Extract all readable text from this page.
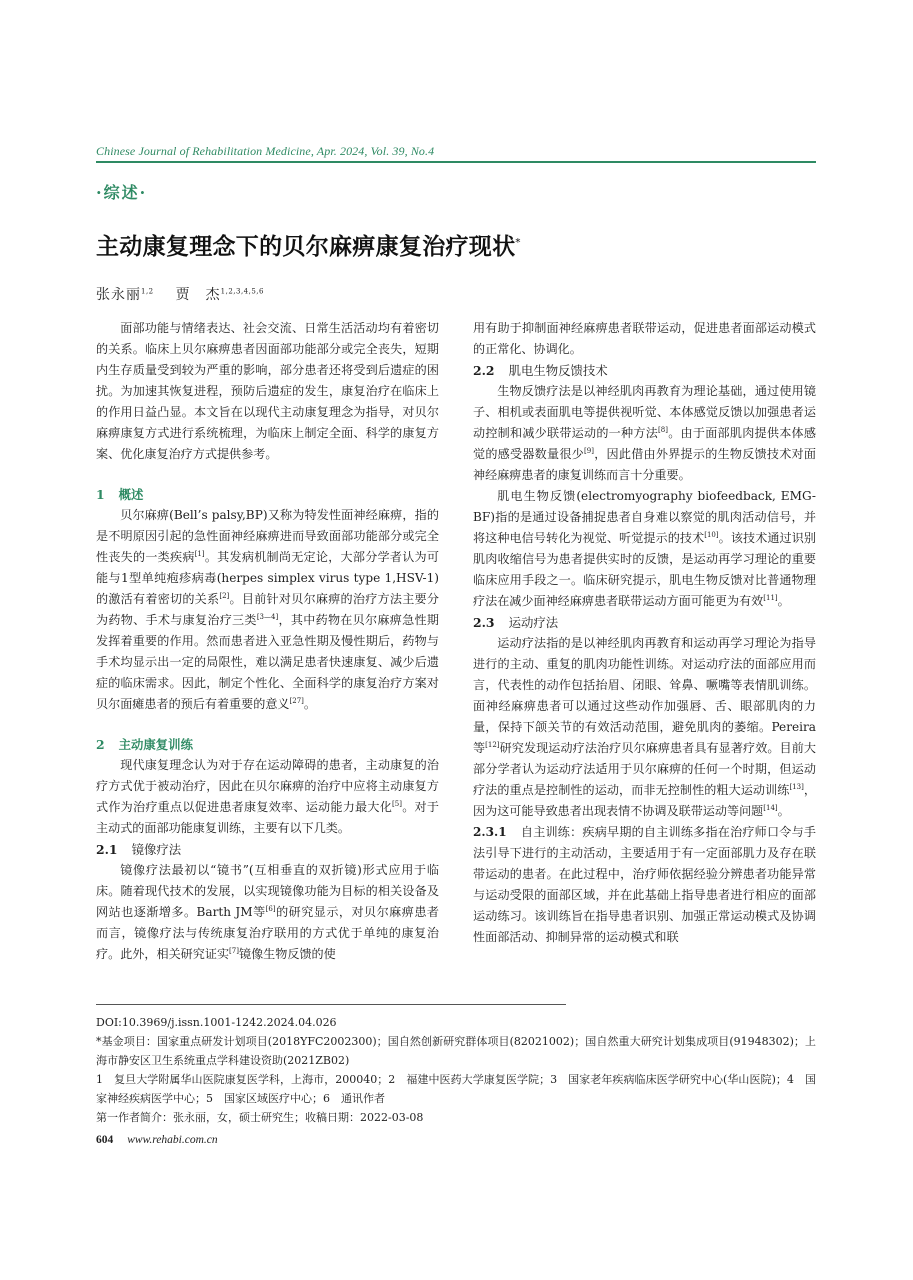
Chinese Journal of Rehabilitation Medicine, Apr. 2024, Vol. 39, No.4
·综述·
主动康复理念下的贝尔麻痹康复治疗现状*
张永丽$^{1,2}$ 贾　杰$^{1,2,3,4,5,6}$

面部功能与情绪表达、社会交流、日常生活活动均有着密切的关系。临床上贝尔麻痹患者因面部功能部分或完全丧失，短期内生存质量受到较为严重的影响，部分患者还将受到后遗症的困扰。为加速其恢复进程，预防后遗症的发生，康复治疗在临床上的作用日益凸显。本文旨在以现代主动康复理念为指导，对贝尔麻痹康复方式进行系统梳理，为临床上制定全面、科学的康复方案、优化康复治疗方式提供参考。

1 概述

贝尔麻痹(Bell’s palsy,BP)又称为特发性面神经麻痹，指的是不明原因引起的急性面神经麻痹进而导致面部功能部分或完全性丧失的一类疾病[1]。其发病机制尚无定论，大部分学者认为可能与1型单纯疱疹病毒(herpes simplex virus type 1,HSV-1)的激活有着密切的关系[2]。目前针对贝尔麻痹的治疗方法主要分为药物、手术与康复治疗三类[3—4]，其中药物在贝尔麻痹急性期发挥着重要的作用。然而患者进入亚急性期及慢性期后，药物与手术均显示出一定的局限性，难以满足患者快速康复、减少后遗症的临床需求。因此，制定个性化、全面科学的康复治疗方案对贝尔面瘫患者的预后有着重要的意义[27]。

2 主动康复训练

现代康复理念认为对于存在运动障碍的患者，主动康复的治疗方式优于被动治疗，因此在贝尔麻痹的治疗中应将主动康复方式作为治疗重点以促进患者康复效率、运动能力最大化[5]。对于主动式的面部功能康复训练，主要有以下几类。

2.1 镜像疗法

镜像疗法最初以“镜书”(互相垂直的双折镜)形式应用于临床。随着现代技术的发展，以实现镜像功能为目标的相关设备及网站也逐渐增多。Barth JM等[6]的研究显示，对贝尔麻痹患者而言，镜像疗法与传统康复治疗联用的方式优于单纯的康复治疗。此外，相关研究证实[7]镜像生物反馈的使

用有助于抑制面神经麻痹患者联带运动，促进患者面部运动模式的正常化、协调化。

2.2 肌电生物反馈技术

生物反馈疗法是以神经肌肉再教育为理论基础，通过使用镜子、相机或表面肌电等提供视听觉、本体感觉反馈以加强患者运动控制和减少联带运动的一种方法[8]。由于面部肌肉提供本体感觉的感受器数量很少[9]，因此借由外界提示的生物反馈技术对面神经麻痹患者的康复训练而言十分重要。

肌电生物反馈(electromyography biofeedback, EMG-BF)指的是通过设备捕捉患者自身难以察觉的肌肉活动信号，并将这种电信号转化为视觉、听觉提示的技术[10]。该技术通过识别肌肉收缩信号为患者提供实时的反馈，是运动再学习理论的重要临床应用手段之一。临床研究提示，肌电生物反馈对比普通物理疗法在减少面神经麻痹患者联带运动方面可能更为有效[11]。

2.3 运动疗法

运动疗法指的是以神经肌肉再教育和运动再学习理论为指导进行的主动、重复的肌肉功能性训练。对运动疗法的面部应用而言，代表性的动作包括抬眉、闭眼、耸鼻、噘嘴等表情肌训练。面神经麻痹患者可以通过这些动作加强唇、舌、眼部肌肉的力量，保持下颌关节的有效活动范围，避免肌肉的萎缩。Pereira等[12]研究发现运动疗法治疗贝尔麻痹患者具有显著疗效。目前大部分学者认为运动疗法适用于贝尔麻痹的任何一个时期，但运动疗法的重点是控制性的运动，而非无控制性的粗大运动训练[13]，因为这可能导致患者出现表情不协调及联带运动等问题[14]。

2.3.1 自主训练：疾病早期的自主训练多指在治疗师口令与手法引导下进行的主动活动，主要适用于有一定面部肌力及存在联带运动的患者。在此过程中，治疗师依据经验分辨患者功能异常与运动受限的面部区域，并在此基础上指导患者进行相应的面部运动练习。该训练旨在指导患者识别、加强正常运动模式及协调性面部活动、抑制异常的运动模式和联

DOI:10.3969/j.issn.1001-1242.2024.04.026

*基金项目：国家重点研发计划项目(2018YFC2002300)；国自然创新研究群体项目(82021002)；国自然重大研究计划集成项目(91948302)；上海市静安区卫生系统重点学科建设资助(2021ZB02)

1　复旦大学附属华山医院康复医学科，上海市，200040；2　福建中医药大学康复医学院；3　国家老年疾病临床医学研究中心(华山医院)；4　国家神经疾病医学中心；5　国家区域医疗中心；6　通讯作者

第一作者简介：张永丽，女，硕士研究生；收稿日期：2022-03-08

604 www.rehabi.com.cn
